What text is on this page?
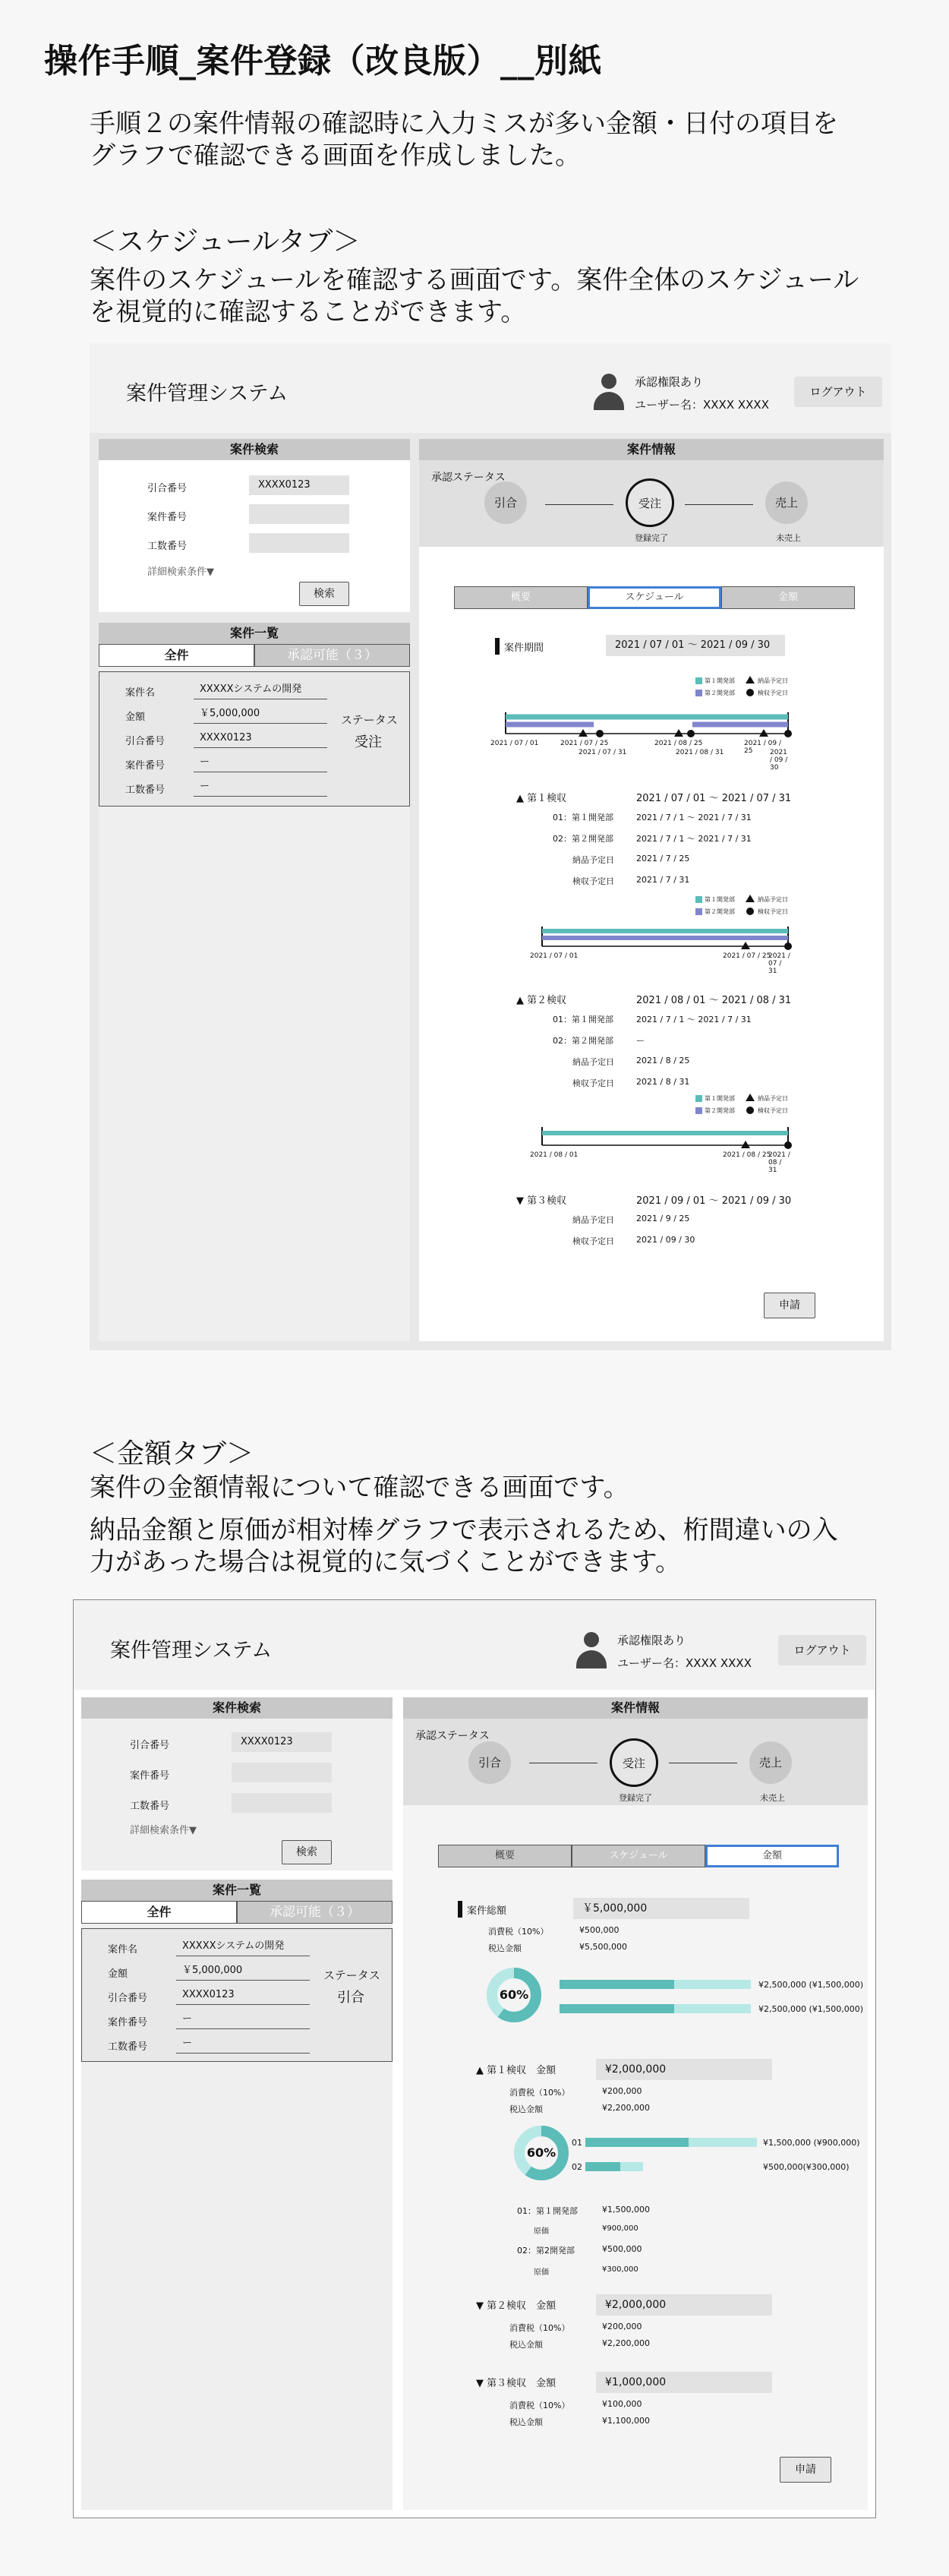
操作手順_案件登録（改良版）__別紙
手順２の案件情報の確認時に入力ミスが多い金額・日付の項目を
グラフで確認できる画面を作成しました。
＜スケジュールタブ＞
案件のスケジュールを確認する画面です。案件全体のスケジュール
を視覚的に確認することができます。
案件管理システム	承認権限あり
ユーザー名：XXXX XXXX
ログアウト
案件検索
引合番号	XXXX0123
案件番号
工数番号
詳細検索条件▼
検索
案件一覧
全件	承認可能（３）
案件名	XXXXXシステムの開発
金額	￥5,000,000
引合番号	XXXX0123
案件番号	ー
工数番号	ー
ステータス
受注
案件情報
承認ステータス
引合	受注
登録完了
売上
未売上
概要	スケジュール	金額
案件期間	2021 / 07 / 01 ～ 2021 / 09 / 30
第１開発部
第２開発部
納品予定日
検収予定日
2021 / 07 / 01	2021 / 07 / 25
2021 / 07 / 31
2021 / 08 / 25
2021 / 08 / 31
2021 / 09 / 25	2021 / 09 / 30
▲ 第１検収	2021 / 07 / 01 ～ 2021 / 07 / 31
01：第１開発部	2021 / 7 / 1 ～ 2021 / 7 / 31
02：第２開発部	2021 / 7 / 1 ～ 2021 / 7 / 31
納品予定日	2021 / 7 / 25
検収予定日	2021 / 7 / 31
第１開発部
第２開発部
納品予定日
検収予定日
2021 / 07 / 01	2021 / 07 / 25
2021 / 07 / 31
▲ 第２検収	2021 / 08 / 01 ～ 2021 / 08 / 31
01：第１開発部	2021 / 7 / 1 ～ 2021 / 7 / 31
02：第２開発部	ー
納品予定日	2021 / 8 / 25
検収予定日	2021 / 8 / 31
第１開発部
第２開発部
納品予定日
検収予定日
2021 / 08 / 01	2021 / 08 / 25
2021 / 08 / 31
▼ 第３検収	2021 / 09 / 01 ～ 2021 / 09 / 30
納品予定日	2021 / 9 / 25
検収予定日	2021 / 09 / 30
申請
＜金額タブ＞
案件の金額情報について確認できる画面です。
納品金額と原価が相対棒グラフで表示されるため、桁間違いの入
力があった場合は視覚的に気づくことができます。
案件管理システム	承認権限あり
ユーザー名：XXXX XXXX
ログアウト
案件検索
引合番号	XXXX0123
案件番号
工数番号
詳細検索条件▼
検索
案件一覧
全件	承認可能（３）
案件名	XXXXXシステムの開発
金額	￥5,000,000
引合番号	XXXX0123
案件番号	ー
工数番号	ー
ステータス
引合
案件情報
承認ステータス
引合	受注
登録完了
売上
未売上
概要	スケジュール	金額
案件総額	￥5,000,000
消費税（10%）	¥500,000
税込金額	¥5,500,000
60%
¥2,500,000 (¥1,500,000)
¥2,500,000 (¥1,500,000)
▲ 第１検収　金額	¥2,000,000
消費税（10%）	¥200,000
税込金額	¥2,200,000
60%
01	¥1,500,000 (¥900,000)
02	¥500,000(¥300,000)
01：第１開発部	¥1,500,000
原価	¥900,000
02：第2開発部	¥500,000
原価	¥300,000
▼ 第２検収　金額	¥2,000,000
消費税（10%）	¥200,000
税込金額	¥2,200,000
▼ 第３検収　金額	¥1,000,000
消費税（10%）	¥100,000
税込金額	¥1,100,000
申請
